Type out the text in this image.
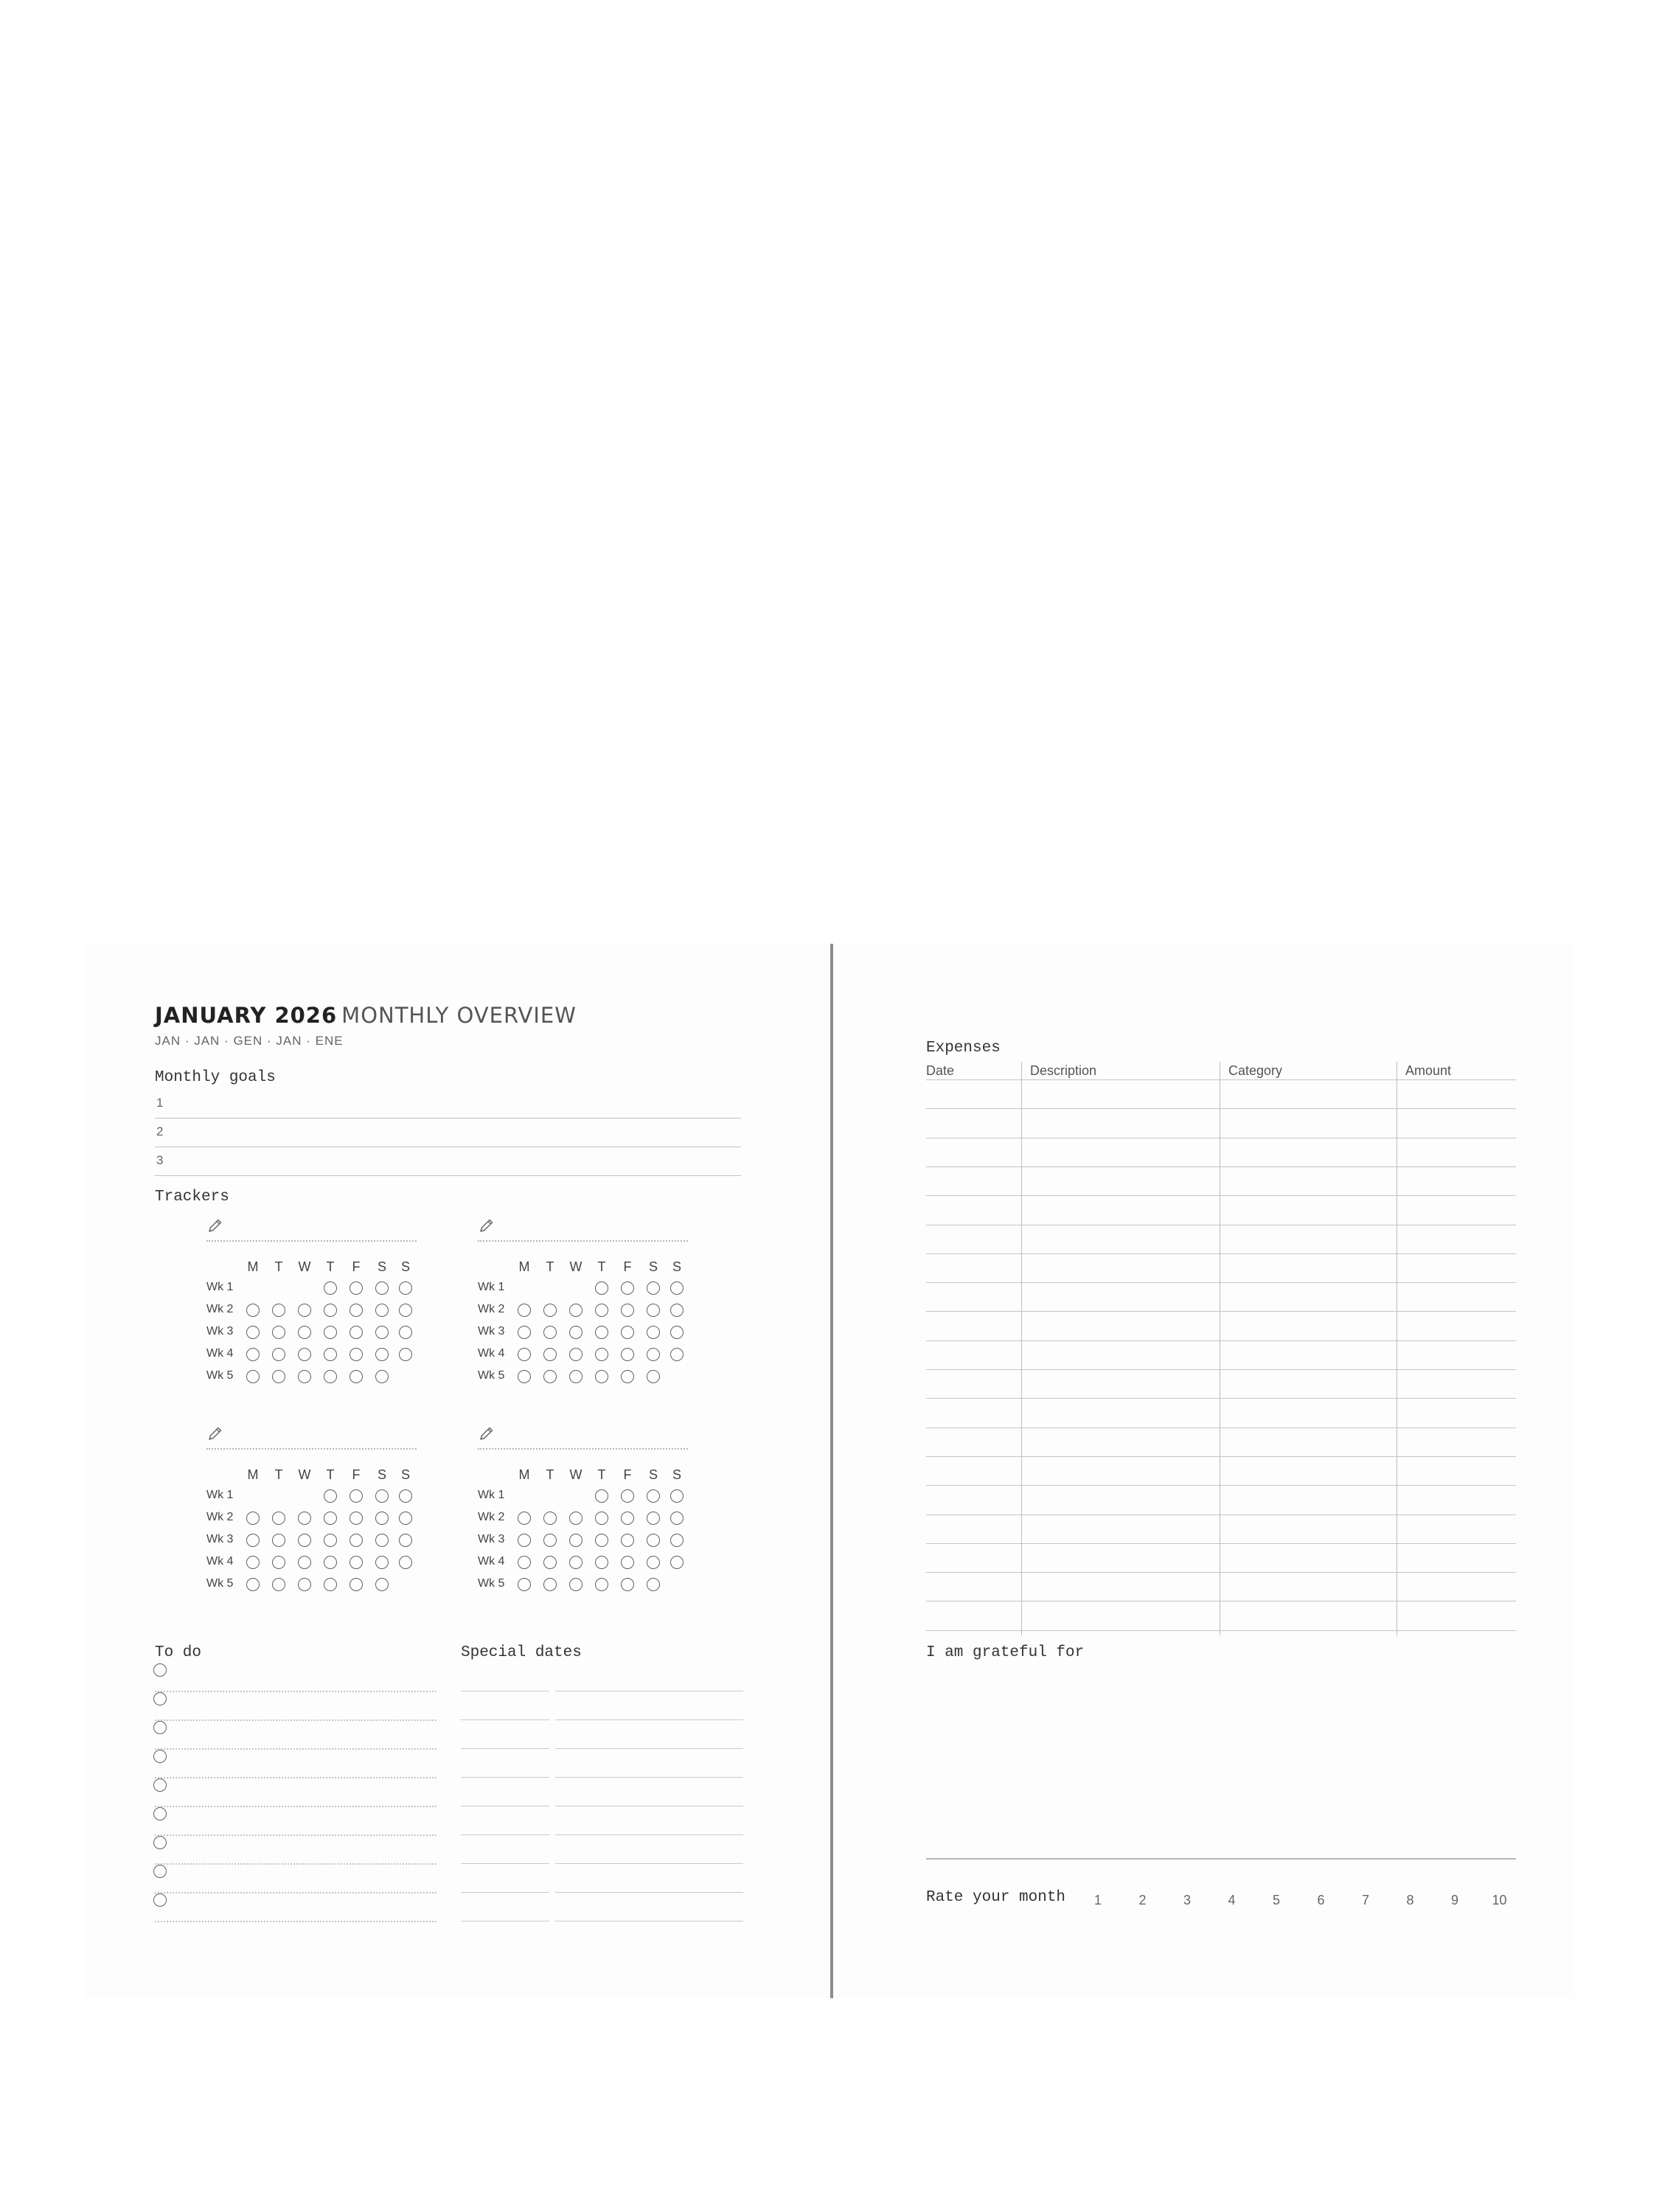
JANUARY 2026 MONTHLY OVERVIEW
JAN · JAN · GEN · JAN · ENE
Monthly goals
1
2
3
Trackers
M	T	W	T	F	S	S
Wk 1
Wk 2
Wk 3
Wk 4
Wk 5
M	T	W	T	F	S	S
Wk 1
Wk 2
Wk 3
Wk 4
Wk 5
M	T	W	T	F	S	S
Wk 1
Wk 2
Wk 3
Wk 4
Wk 5
M	T	W	T	F	S	S
Wk 1
Wk 2
Wk 3
Wk 4
Wk 5
To do	Special dates
Expenses
Date	Description	Category	Amount
I am grateful for
Rate your month	1	2	3	4	5	6	7	8	9	10
